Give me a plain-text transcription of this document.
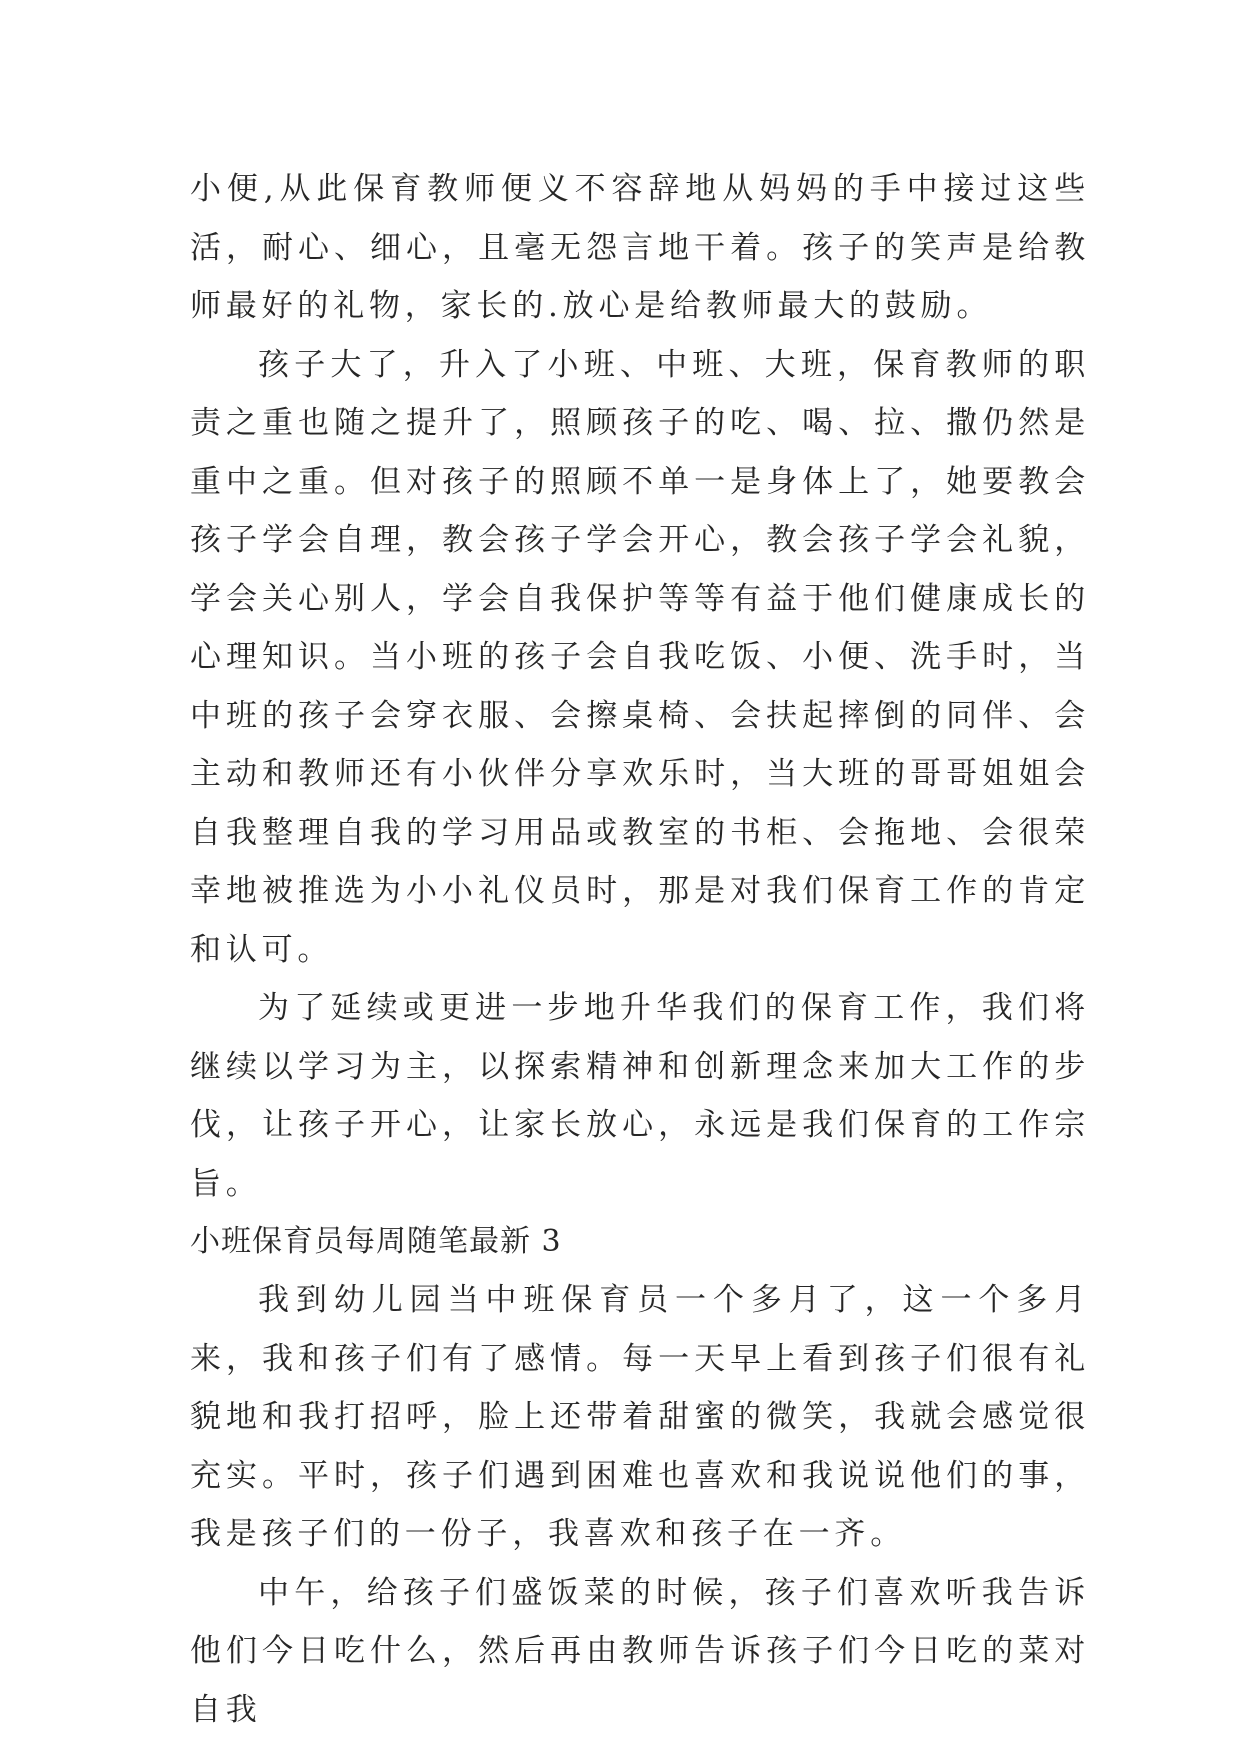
小便,从此保育教师便义不容辞地从妈妈的手中接过这些活，耐心、细心，且毫无怨言地干着。孩子的笑声是给教师最好的礼物，家长的.放心是给教师最大的鼓励。

孩子大了，升入了小班、中班、大班，保育教师的职责之重也随之提升了，照顾孩子的吃、喝、拉、撒仍然是重中之重。但对孩子的照顾不单一是身体上了，她要教会孩子学会自理，教会孩子学会开心，教会孩子学会礼貌，学会关心别人，学会自我保护等等有益于他们健康成长的心理知识。当小班的孩子会自我吃饭、小便、洗手时，当中班的孩子会穿衣服、会擦桌椅、会扶起摔倒的同伴、会主动和教师还有小伙伴分享欢乐时，当大班的哥哥姐姐会自我整理自我的学习用品或教室的书柜、会拖地、会很荣幸地被推选为小小礼仪员时，那是对我们保育工作的肯定和认可。

为了延续或更进一步地升华我们的保育工作，我们将继续以学习为主，以探索精神和创新理念来加大工作的步伐，让孩子开心，让家长放心，永远是我们保育的工作宗旨。

小班保育员每周随笔最新 3

我到幼儿园当中班保育员一个多月了，这一个多月来，我和孩子们有了感情。每一天早上看到孩子们很有礼貌地和我打招呼，脸上还带着甜蜜的微笑，我就会感觉很充实。平时，孩子们遇到困难也喜欢和我说说他们的事，我是孩子们的一份子，我喜欢和孩子在一齐。

中午，给孩子们盛饭菜的时候，孩子们喜欢听我告诉他们今日吃什么，然后再由教师告诉孩子们今日吃的菜对自我
